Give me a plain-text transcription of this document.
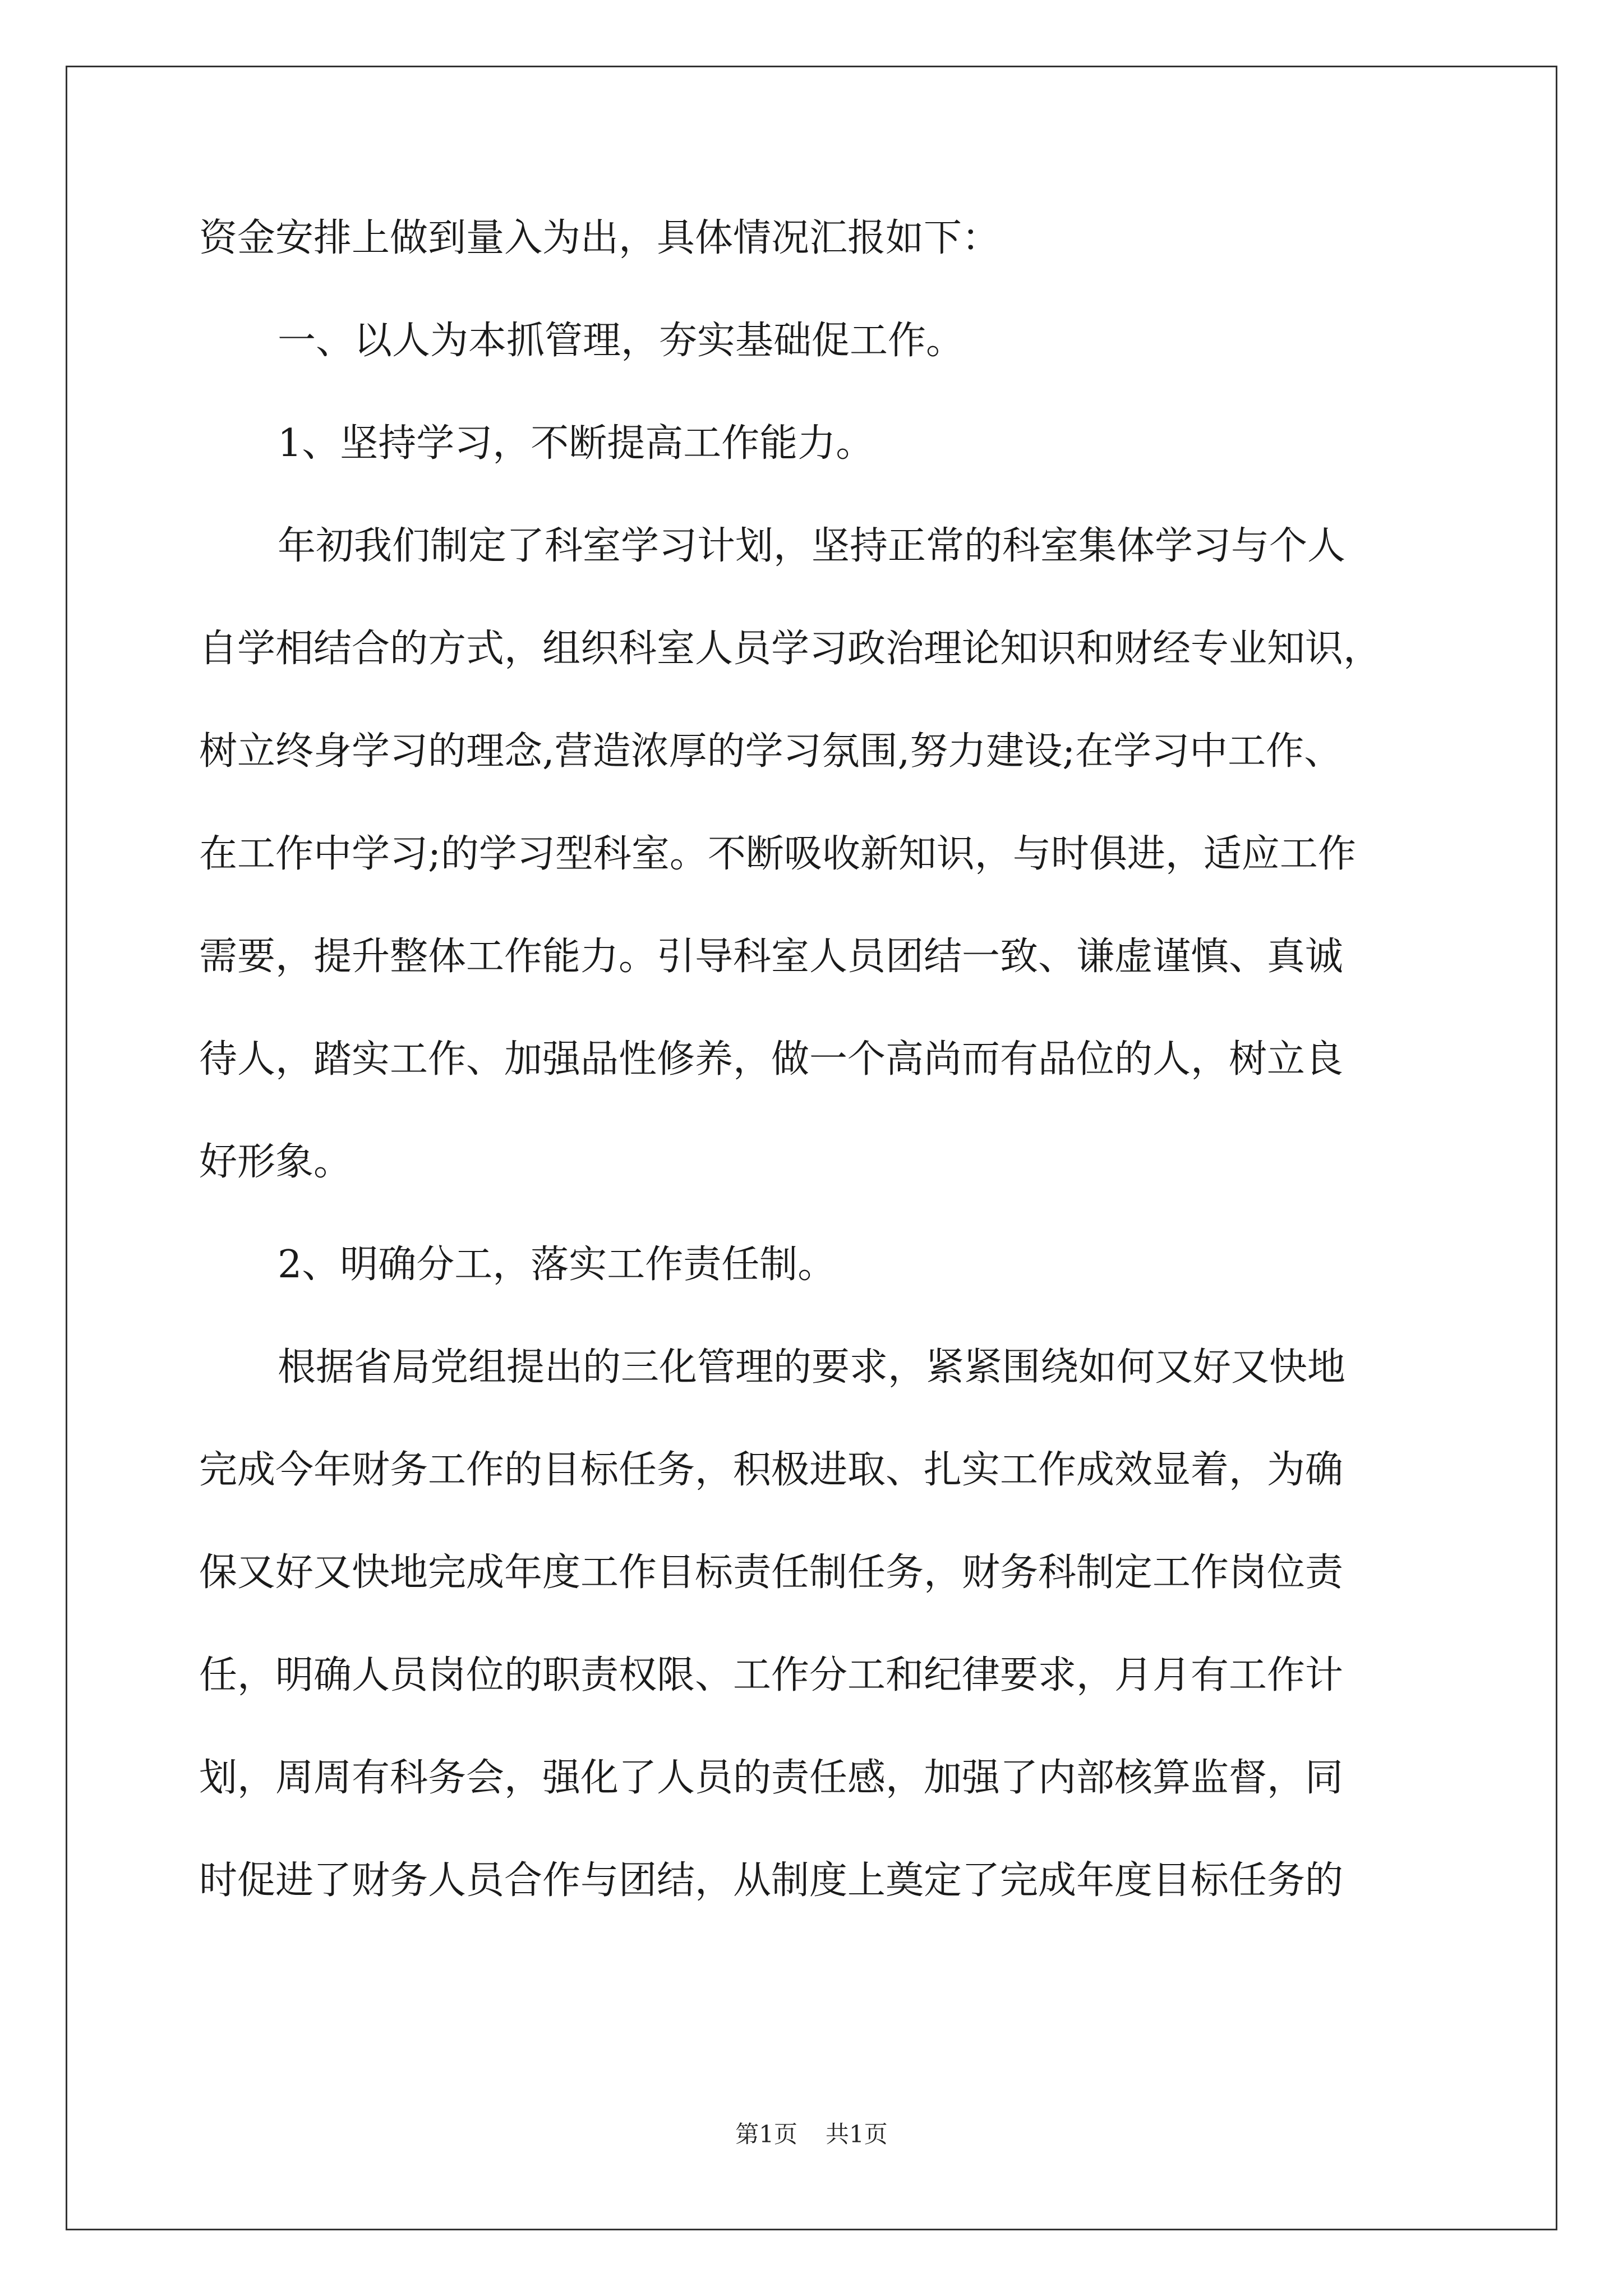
资金安排上做到量入为出，具体情况汇报如下：
一、以人为本抓管理，夯实基础促工作。
1、坚持学习，不断提高工作能力。
年初我们制定了科室学习计划，坚持正常的科室集体学习与个人
自学相结合的方式，组织科室人员学习政治理论知识和财经专业知识，
树立终身学习的理念,营造浓厚的学习氛围,努力建设;在学习中工作、
在工作中学习;的学习型科室。不断吸收新知识，与时俱进，适应工作
需要，提升整体工作能力。引导科室人员团结一致、谦虚谨慎、真诚
待人，踏实工作、加强品性修养，做一个高尚而有品位的人，树立良
好形象。
2、明确分工，落实工作责任制。
根据省局党组提出的三化管理的要求，紧紧围绕如何又好又快地
完成今年财务工作的目标任务，积极进取、扎实工作成效显着，为确
保又好又快地完成年度工作目标责任制任务，财务科制定工作岗位责
任，明确人员岗位的职责权限、工作分工和纪律要求，月月有工作计
划，周周有科务会，强化了人员的责任感，加强了内部核算监督，同
时促进了财务人员合作与团结，从制度上奠定了完成年度目标任务的
第1页 共1页
